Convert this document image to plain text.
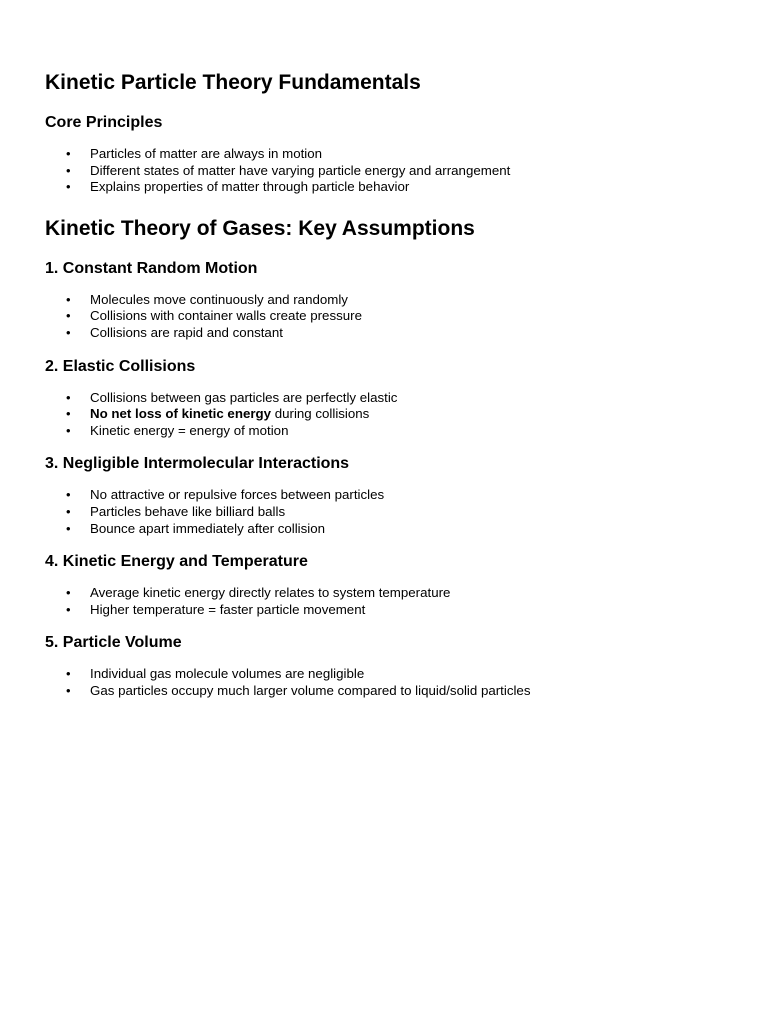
Kinetic Particle Theory Fundamentals
Core Principles
• Particles of matter are always in motion
• Different states of matter have varying particle energy and arrangement
• Explains properties of matter through particle behavior
Kinetic Theory of Gases: Key Assumptions
1. Constant Random Motion
• Molecules move continuously and randomly
• Collisions with container walls create pressure
• Collisions are rapid and constant
2. Elastic Collisions
• Collisions between gas particles are perfectly elastic
• No net loss of kinetic energy during collisions
• Kinetic energy = energy of motion
3. Negligible Intermolecular Interactions
• No attractive or repulsive forces between particles
• Particles behave like billiard balls
• Bounce apart immediately after collision
4. Kinetic Energy and Temperature
• Average kinetic energy directly relates to system temperature
• Higher temperature = faster particle movement
5. Particle Volume
• Individual gas molecule volumes are negligible
• Gas particles occupy much larger volume compared to liquid/solid particles
